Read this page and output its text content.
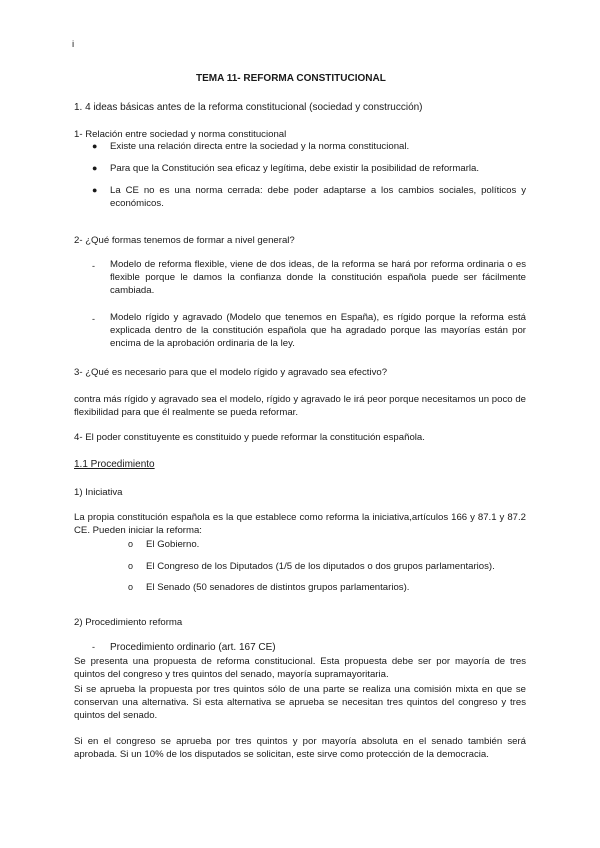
i
TEMA 11- REFORMA CONSTITUCIONAL
1. 4 ideas básicas antes de la reforma constitucional (sociedad y construcción)
1- Relación entre sociedad y norma constitucional
● Existe una relación directa entre la sociedad y la norma constitucional.
● Para que la Constitución sea eficaz y legítima, debe existir la posibilidad de reformarla.
● La CE no es una norma cerrada: debe poder adaptarse a los cambios sociales, políticos y económicos.
2- ¿Qué formas tenemos de formar a nivel general?
- Modelo de reforma flexible, viene de dos ideas, de la reforma se hará por reforma ordinaria o es flexible porque le damos la confianza donde la constitución española puede ser fácilmente cambiada.
- Modelo rígido y agravado (Modelo que tenemos en España), es rígido porque la reforma está explicada dentro de la constitución española que ha agradado porque las mayorías están por encima de la aprobación ordinaria de la ley.
3- ¿Qué es necesario para que el modelo rígido y agravado sea efectivo?
contra más rígido y agravado sea el modelo, rígido y agravado le irá peor porque necesitamos un poco de flexibilidad para que él realmente se pueda reformar.
4- El poder constituyente es constituido y puede reformar la constitución española.
1.1 Procedimiento
1) Iniciativa
La propia constitución española es la que establece como reforma la iniciativa,artículos 166 y 87.1 y 87.2 CE. Pueden iniciar la reforma:
o El Gobierno.
o El Congreso de los Diputados (1/5 de los diputados o dos grupos parlamentarios).
o El Senado (50 senadores de distintos grupos parlamentarios).
2) Procedimiento reforma
- Procedimiento ordinario (art. 167 CE)
Se presenta una propuesta de reforma constitucional. Esta propuesta debe ser por mayoría de tres quintos del congreso y tres quintos del senado, mayoría supramayoritaria.
Si se aprueba la propuesta por tres quintos sólo de una parte se realiza una comisión mixta en que se conservan una alternativa. Si esta alternativa se aprueba se necesitan tres quintos del congreso y tres quintos del senado.
Si en el congreso se aprueba por tres quintos y por mayoría absoluta en el senado también será aprobada. Si un 10% de los disputados se solicitan, este sirve como protección de la democracia.
